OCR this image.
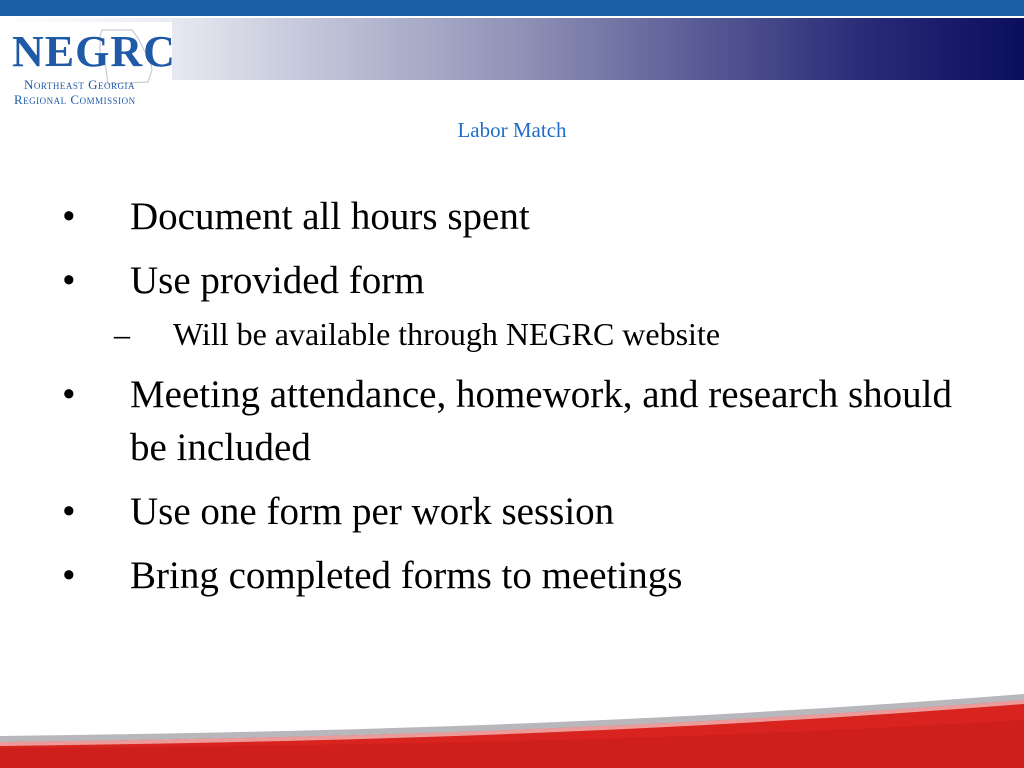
NEGRC
Northeast Georgia
Regional Commission
Labor Match
•	Document all hours spent
•	Use provided form
– Will be available through NEGRC website
•	Meeting attendance, homework, and research should be included
•	Use one form per work session
•	Bring completed forms to meetings
